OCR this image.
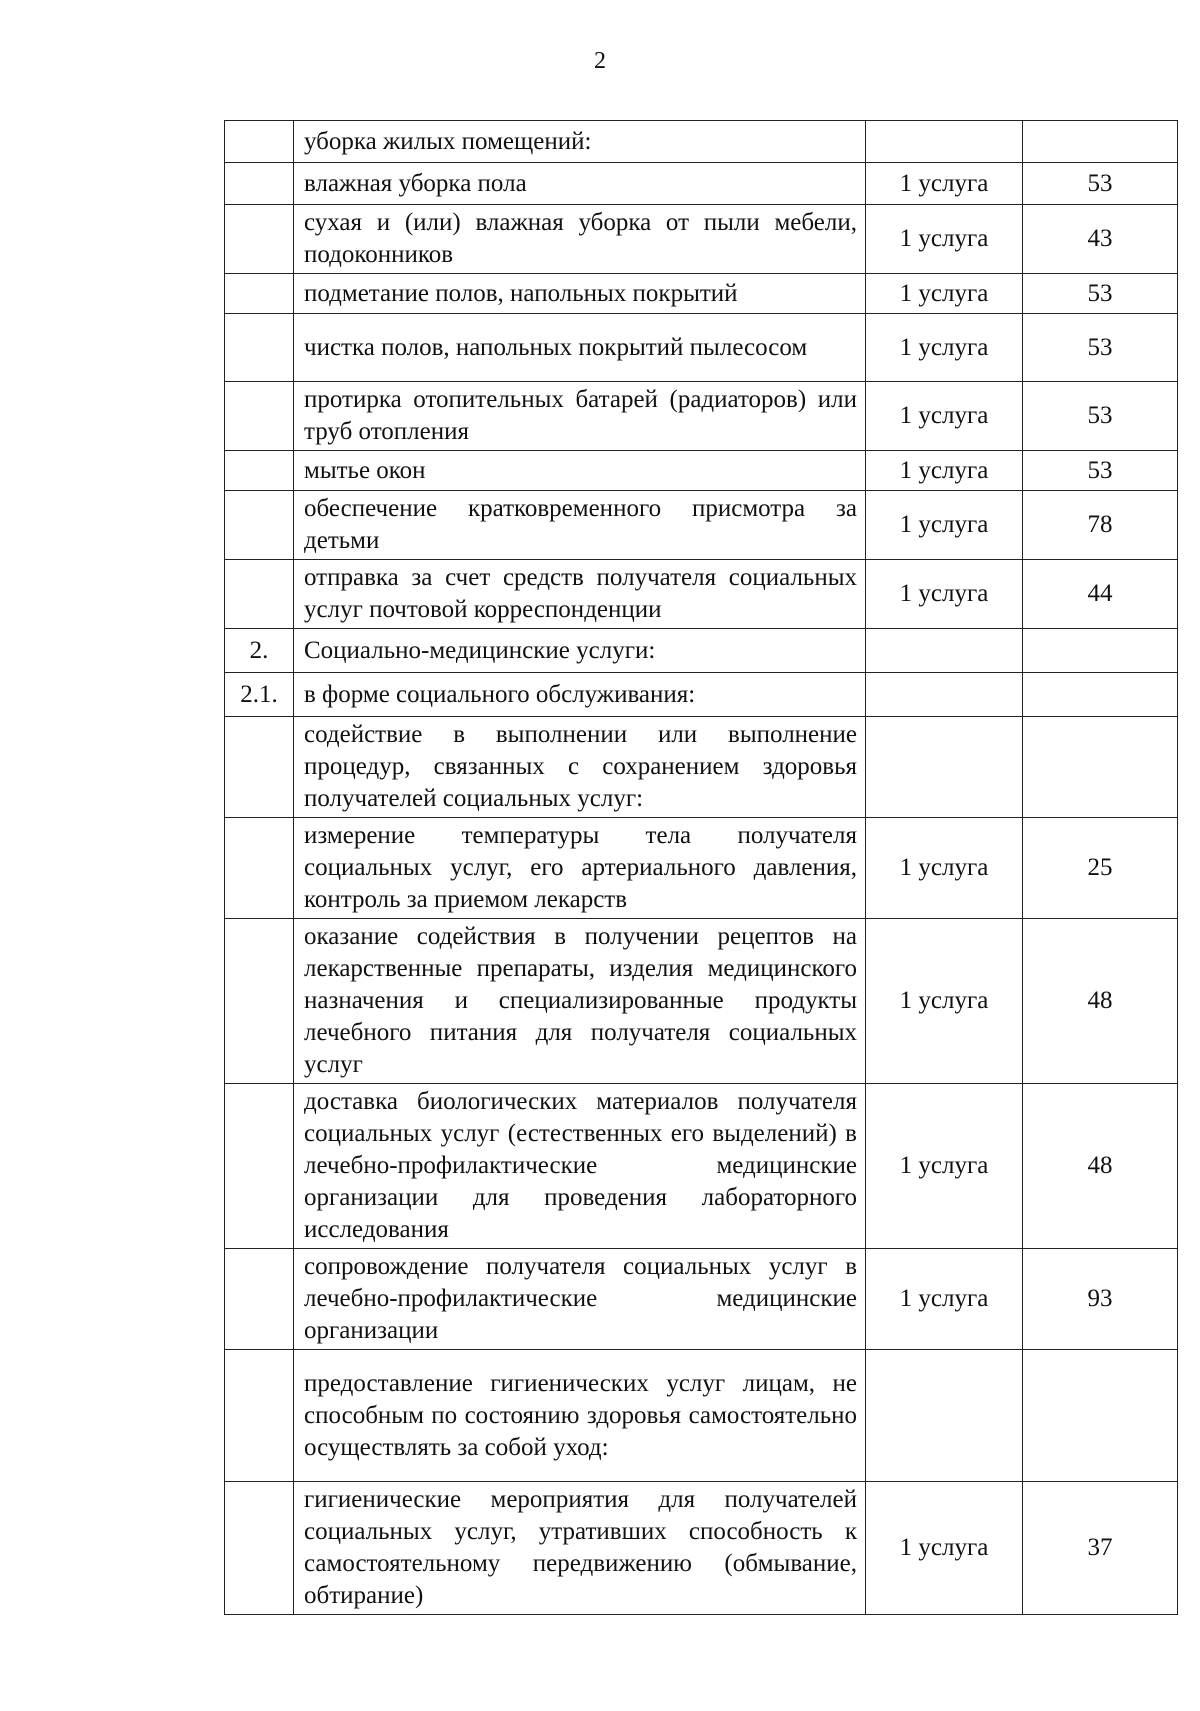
2
	уборка жилых помещений:		
	влажная уборка пола	1 услуга	53
	сухая и (или) влажная уборка от пыли мебели, подоконников	1 услуга	43
	подметание полов, напольных покрытий	1 услуга	53
	чистка полов, напольных покрытий пылесосом	1 услуга	53
	протирка отопительных батарей (радиаторов) или труб отопления	1 услуга	53
	мытье окон	1 услуга	53
	обеспечение кратковременного присмотра за детьми	1 услуга	78
	отправка за счет средств получателя социальных услуг почтовой корреспонденции	1 услуга	44
2.	Социально-медицинские услуги:		
2.1.	в форме социального обслуживания:		
	содействие в выполнении или выполнение процедур, связанных с сохранением здоровья получателей социальных услуг:		
	измерение температуры тела получателя социальных услуг, его артериального давления, контроль за приемом лекарств	1 услуга	25
	оказание содействия в получении рецептов на лекарственные препараты, изделия медицинского назначения и специализированные продукты лечебного питания для получателя социальных услуг	1 услуга	48
	доставка биологических материалов получателя социальных услуг (естественных его выделений) в лечебно-профилактические медицинские организации для проведения лабораторного исследования	1 услуга	48
	сопровождение получателя социальных услуг в лечебно-профилактические медицинские организации	1 услуга	93
	предоставление гигиенических услуг лицам, не способным по состоянию здоровья самостоятельно осуществлять за собой уход:		
	гигиенические мероприятия для получателей социальных услуг, утративших способность к самостоятельному передвижению (обмывание, обтирание)	1 услуга	37
